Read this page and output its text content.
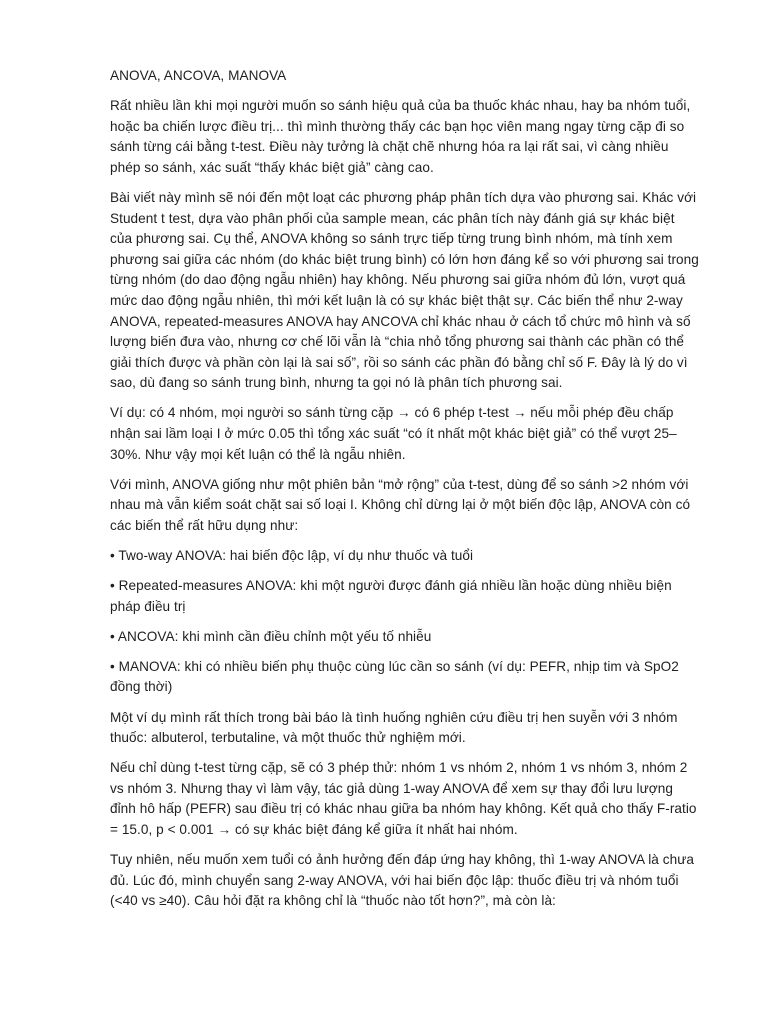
ANOVA, ANCOVA, MANOVA

Rất nhiều lần khi mọi người muốn so sánh hiệu quả của ba thuốc khác nhau, hay ba nhóm tuổi, hoặc ba chiến lược điều trị... thì mình thường thấy các bạn học viên mang ngay từng cặp đi so sánh từng cái bằng t-test. Điều này tưởng là chặt chẽ nhưng hóa ra lại rất sai, vì càng nhiều phép so sánh, xác suất “thấy khác biệt giả” càng cao.

Bài viết này mình sẽ nói đến một loạt các phương pháp phân tích dựa vào phương sai. Khác với Student t test, dựa vào phân phối của sample mean, các phân tích này đánh giá sự khác biệt của phương sai. Cụ thể, ANOVA không so sánh trực tiếp từng trung bình nhóm, mà tính xem phương sai giữa các nhóm (do khác biệt trung bình) có lớn hơn đáng kể so với phương sai trong từng nhóm (do dao động ngẫu nhiên) hay không. Nếu phương sai giữa nhóm đủ lớn, vượt quá mức dao động ngẫu nhiên, thì mới kết luận là có sự khác biệt thật sự. Các biến thể như 2-way ANOVA, repeated-measures ANOVA hay ANCOVA chỉ khác nhau ở cách tổ chức mô hình và số lượng biến đưa vào, nhưng cơ chế lõi vẫn là “chia nhỏ tổng phương sai thành các phần có thể giải thích được và phần còn lại là sai số”, rồi so sánh các phần đó bằng chỉ số F. Đây là lý do vì sao, dù đang so sánh trung bình, nhưng ta gọi nó là phân tích phương sai.

Ví dụ: có 4 nhóm, mọi người so sánh từng cặp → có 6 phép t-test → nếu mỗi phép đều chấp nhận sai lầm loại I ở mức 0.05 thì tổng xác suất “có ít nhất một khác biệt giả” có thể vượt 25–30%. Như vậy mọi kết luận có thể là ngẫu nhiên.

Với mình, ANOVA giống như một phiên bản “mở rộng” của t-test, dùng để so sánh >2 nhóm với nhau mà vẫn kiểm soát chặt sai số loại I. Không chỉ dừng lại ở một biến độc lập, ANOVA còn có các biến thể rất hữu dụng như:

• Two-way ANOVA: hai biến độc lập, ví dụ như thuốc và tuổi

• Repeated-measures ANOVA: khi một người được đánh giá nhiều lần hoặc dùng nhiều biện pháp điều trị

• ANCOVA: khi mình cần điều chỉnh một yếu tố nhiễu

• MANOVA: khi có nhiều biến phụ thuộc cùng lúc cần so sánh (ví dụ: PEFR, nhịp tim và SpO2 đồng thời)

Một ví dụ mình rất thích trong bài báo là tình huống nghiên cứu điều trị hen suyễn với 3 nhóm thuốc: albuterol, terbutaline, và một thuốc thử nghiệm mới.

Nếu chỉ dùng t-test từng cặp, sẽ có 3 phép thử: nhóm 1 vs nhóm 2, nhóm 1 vs nhóm 3, nhóm 2 vs nhóm 3. Nhưng thay vì làm vậy, tác giả dùng 1-way ANOVA để xem sự thay đổi lưu lượng đỉnh hô hấp (PEFR) sau điều trị có khác nhau giữa ba nhóm hay không. Kết quả cho thấy F-ratio = 15.0, p < 0.001 → có sự khác biệt đáng kể giữa ít nhất hai nhóm.

Tuy nhiên, nếu muốn xem tuổi có ảnh hưởng đến đáp ứng hay không, thì 1-way ANOVA là chưa đủ. Lúc đó, mình chuyển sang 2-way ANOVA, với hai biến độc lập: thuốc điều trị và nhóm tuổi (<40 vs ≥40). Câu hỏi đặt ra không chỉ là “thuốc nào tốt hơn?”, mà còn là:
